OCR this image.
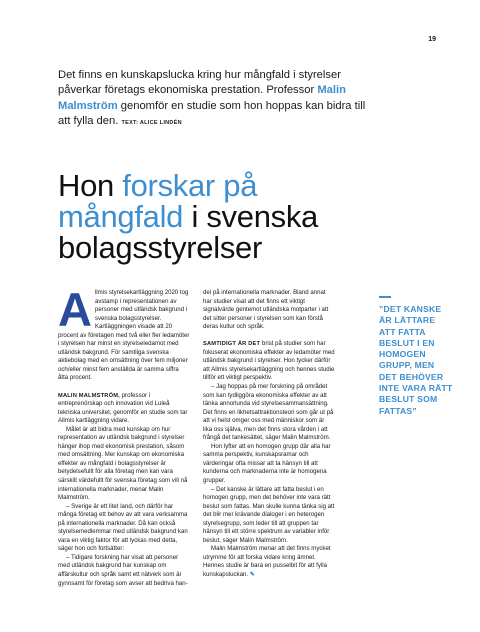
19
Det finns en kunskapslucka kring hur mångfald i styrelser påverkar företags ekonomiska prestation. Professor Malin Malmström genomför en studie som hon hoppas kan bidra till att fylla den. TEXT: ALICE LINDÉN
Hon forskar på mångfald i svenska bolagsstyrelser

Allmis styrelsekartläggning 2020 tog avstamp i representationen av personer med utländsk bakgrund i svenska bolagsstyrelser. Kartläggningen visade att 20 procent av företagen med två eller fler ledamöter i styrelsen har minst en styrelseledamot med utländsk bakgrund. För samtliga svenska aktiebolag med en omsättning över fem miljoner och/eller minst fem anställda är samma siffra åtta procent.

MALIN MALMSTRÖM, professor i entreprenörskap och innovation vid Luleå tekniska universitet, genomför en studie som tar Allmis kartläggning vidare.

Målet är att bidra med kunskap om hur representation av utländsk bakgrund i styrelser hänger ihop med ekonomisk prestation, såsom med omsättning. Mer kunskap om ekonomiska effekter av mångfald i bolagsstyrelser är betydelsefullt för alla företag men kan vara särskilt värdefullt för svenska företag som vill nå internationella marknader, menar Malin Malmström.

– Sverige är ett litet land, och därför har många företag ett behov av att vara verksamma på internationella marknader. Då kan också styrelsemedlemmar med utländsk bakgrund kan vara en viktig faktor för att lyckas med detta, säger hon och fortsätter:

– Tidigare forskning har visat att personer med utländsk bakgrund har kunskap om affärskultur och språk samt ett nätverk som är gynnsamt för företag som avser att bedriva han-

del på internationella marknader. Bland annat har studier visat att det finns ett viktigt signalvärde gentemot utländska motparter i att det sitter personer i styrelsen som kan förstå deras kultur och språk.

SAMTIDIGT ÄR DET brist på studier som har fokuserat ekonomiska effekter av ledamöter med utländsk bakgrund i styrelser. Hon tycker därför att Allmis styrelsekartläggning och hennes studie tillför ett viktigt perspektiv.

– Jag hoppas på mer forskning på området som kan tydliggöra ekonomiska effekter av att tänka annorlunda vid styrelsesammansättning. Det finns en likhetsattraktionsteori som går ut på att vi helst omger oss med människor som är lika oss själva, men det finns stora vården i att frångå det tankesättet, säger Malin Malmström.

Hon lyfter att en homogen grupp där alla har samma perspektiv, kunskapsramar och värderingar ofta missar att ta hänsyn till att kunderna och marknaderna inte är homogena grupper.

– Det kanske är lättare att fatta beslut i en homogen grupp, men det behöver inte vara rätt beslut som fattas. Man skulle kunna tänka sig att det blir mer krävande dialoger i en heterogen styrelsegrupp, som leder till att gruppen tar hänsyn till ett större spektrum av variabler inför beslut, säger Malin Malmström.

Malin Malmström menar att det finns mycket utrymme för att forska vidare kring ämnet. Hennes studie är bara en pusselbit för att fylla kunskapsluckan. ✎

”DET KANSKE ÄR LÄTTARE ATT FATTA BESLUT I EN HOMOGEN GRUPP, MEN DET BEHÖVER INTE VARA RÄTT BESLUT SOM FATTAS”
